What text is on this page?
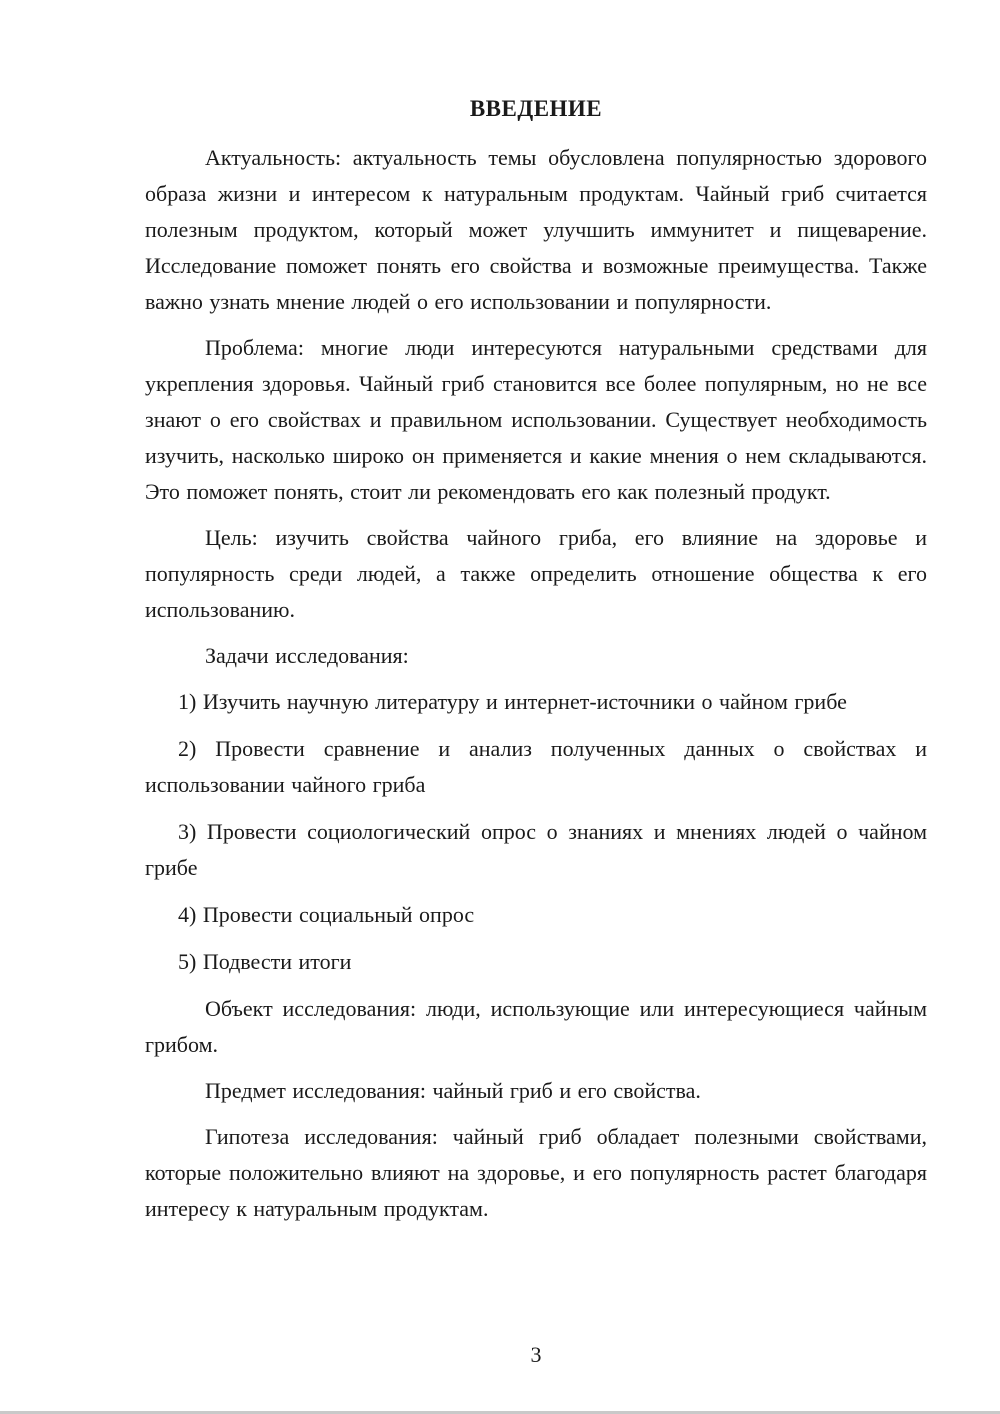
ВВЕДЕНИЕ

Актуальность: актуальность темы обусловлена популярностью здорового образа жизни и интересом к натуральным продуктам. Чайный гриб считается полезным продуктом, который может улучшить иммунитет и пищеварение. Исследование поможет понять его свойства и возможные преимущества. Также важно узнать мнение людей о его использовании и популярности.

Проблема: многие люди интересуются натуральными средствами для укрепления здоровья. Чайный гриб становится все более популярным, но не все знают о его свойствах и правильном использовании. Существует необходимость изучить, насколько широко он применяется и какие мнения о нем складываются. Это поможет понять, стоит ли рекомендовать его как полезный продукт.

Цель: изучить свойства чайного гриба, его влияние на здоровье и популярность среди людей, а также определить отношение общества к его использованию.

Задачи исследования:

1) Изучить научную литературу и интернет-источники о чайном грибе

2) Провести сравнение и анализ полученных данных о свойствах и использовании чайного гриба

3) Провести социологический опрос о знаниях и мнениях людей о чайном грибе

4) Провести социальный опрос

5) Подвести итоги

Объект исследования: люди, использующие или интересующиеся чайным грибом.

Предмет исследования: чайный гриб и его свойства.

Гипотеза исследования: чайный гриб обладает полезными свойствами, которые положительно влияют на здоровье, и его популярность растет благодаря интересу к натуральным продуктам.

3
